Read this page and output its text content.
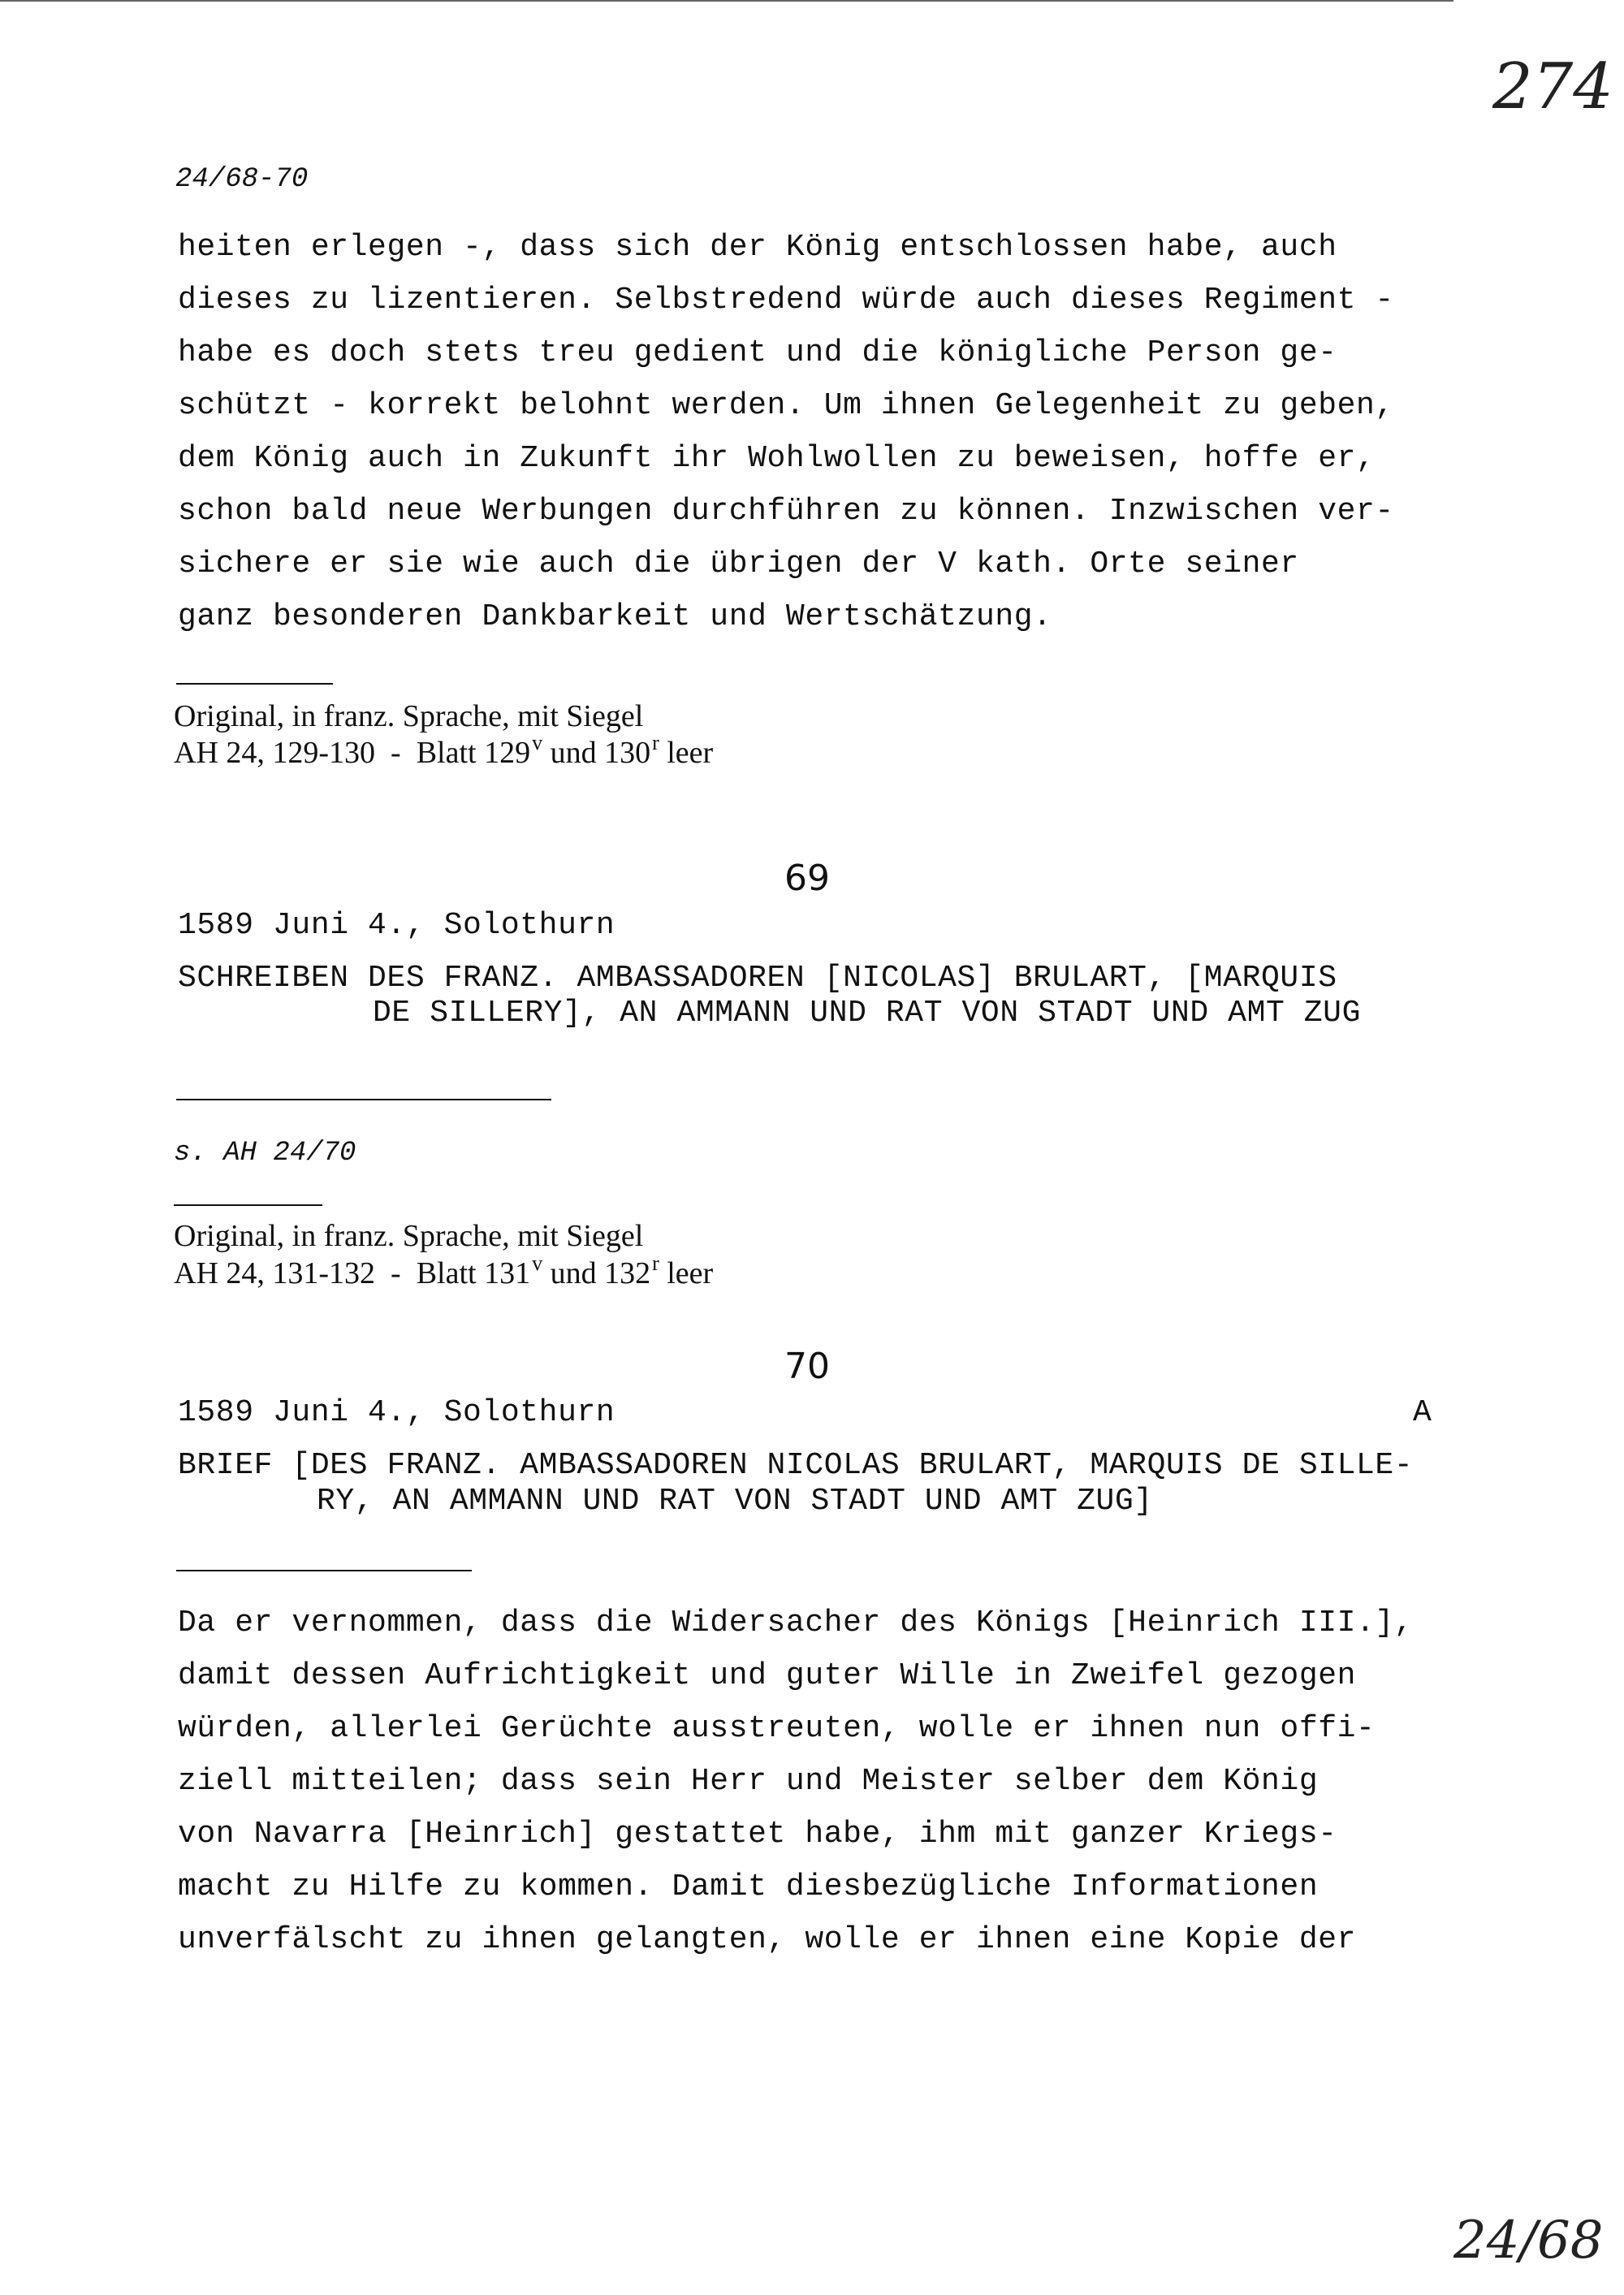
274
24/68-70
heiten erlegen -, dass sich der König entschlossen habe, auch
dieses zu lizentieren. Selbstredend würde auch dieses Regiment -
habe es doch stets treu gedient und die königliche Person ge-
schützt - korrekt belohnt werden. Um ihnen Gelegenheit zu geben,
dem König auch in Zukunft ihr Wohlwollen zu beweisen, hoffe er,
schon bald neue Werbungen durchführen zu können. Inzwischen ver-
sichere er sie wie auch die übrigen der V kath. Orte seiner
ganz besonderen Dankbarkeit und Wertschätzung.
Original, in franz. Sprache, mit Siegel
AH 24, 129-130  -  Blatt 129$^v$ und 130$^r$ leer
69
1589 Juni 4., Solothurn
SCHREIBEN DES FRANZ. AMBASSADOREN [NICOLAS] BRULART, [MARQUIS
DE SILLERY], AN AMMANN UND RAT VON STADT UND AMT ZUG
s. AH 24/70
Original, in franz. Sprache, mit Siegel
AH 24, 131-132  -  Blatt 131$^v$ und 132$^r$ leer
70
1589 Juni 4., Solothurn	A
BRIEF [DES FRANZ. AMBASSADOREN NICOLAS BRULART, MARQUIS DE SILLE-
RY, AN AMMANN UND RAT VON STADT UND AMT ZUG]
Da er vernommen, dass die Widersacher des Königs [Heinrich III.],
damit dessen Aufrichtigkeit und guter Wille in Zweifel gezogen
würden, allerlei Gerüchte ausstreuten, wolle er ihnen nun offi-
ziell mitteilen; dass sein Herr und Meister selber dem König
von Navarra [Heinrich] gestattet habe, ihm mit ganzer Kriegs-
macht zu Hilfe zu kommen. Damit diesbezügliche Informationen
unverfälscht zu ihnen gelangten, wolle er ihnen eine Kopie der
24/68
